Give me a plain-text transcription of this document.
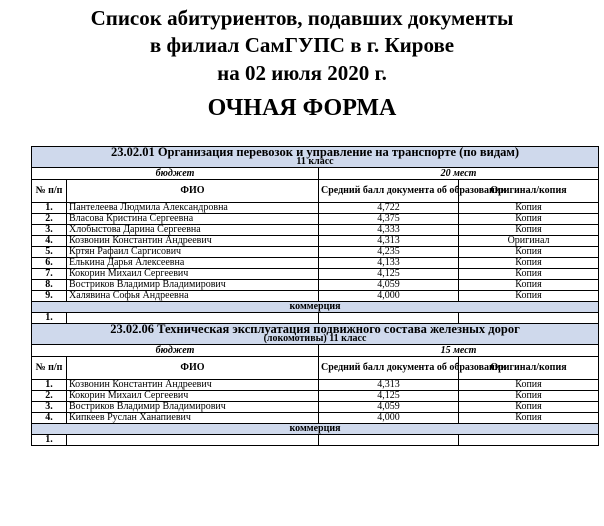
Список абитуриентов, подавших документы
в филиал СамГУПС в г. Кирове
на 02 июля 2020 г.
ОЧНАЯ ФОРМА
23.02.01 Организация перевозок и управление на транспорте (по видам)
11 класс			

бюджет		20 мест	
№ п/п	ФИО	Средний балл документа об образовании	Оригинал/копия
1.	Пантелеева Людмила Александровна	4,722	Копия
2.	Власова Кристина Сергеевна	4,375	Копия
3.	Хлобыстова Дарина Сергеевна	4,333	Копия
4.	Козвонин Константин Андреевич	4,313	Оригинал
5.	Кртян Рафаил Саргисович	4,235	Копия
6.	Елькина Дарья Алексеевна	4,133	Копия
7.	Кокорин Михаил Сергеевич	4,125	Копия
8.	Востриков Владимир Владимирович	4,059	Копия
9.	Халявина Софья Андреевна	4,000	Копия
коммерция			
1.			

23.02.06 Техническая эксплуатация подвижного состава железных дорог
(локомотивы) 11 класс			

бюджет		15 мест	
№ п/п	ФИО	Средний балл документа об образовании	Оригинал/копия
1.	Козвонин Константин Андреевич	4,313	Копия
2.	Кокорин Михаил Сергеевич	4,125	Копия
3.	Востриков Владимир Владимирович	4,059	Копия
4.	Кипкеев Руслан Ханапиевич	4,000	Копия
коммерция			
1.			
